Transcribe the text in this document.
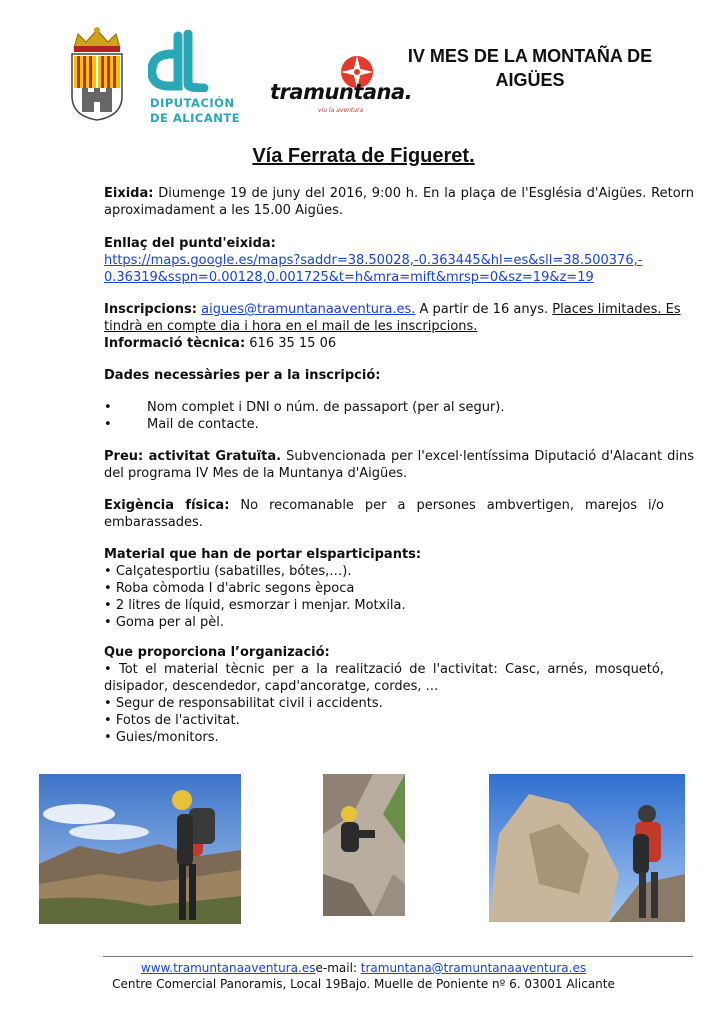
DIPUTACIÓN
DE ALICANTE
tramuntana.
viu la aventura
IV MES DE LA MONTAÑA DE
AIGÜES
Vía Ferrata de Figueret.
Eixida: Diumenge 19 de juny del 2016, 9:00 h. En la plaça de l'Església d'Aigües. Retorn aproximadament a les 15.00 Aigües.
Enllaç del puntd'eixida:
https://maps.google.es/maps?saddr=38.50028,-0.363445&hl=es&sll=38.500376,-
0.36319&sspn=0.00128,0.001725&t=h&mra=mift&mrsp=0&sz=19&z=19
Inscripcions: aigues@tramuntanaaventura.es. A partir de 16 anys. Places limitades. Es tindrà en compte dia i hora en el mail de les inscripcions.
Informació tècnica: 616 35 15 06
Dades necessàries per a la inscripció:
•	Nom complet i DNI o núm. de passaport (per al segur).
•	Mail de contacte.
Preu: activitat Gratuïta. Subvencionada per l'excel·lentíssima Diputació d'Alacant dins del programa IV Mes de la Muntanya d'Aigües.
Exigència física: No recomanable per a persones ambvertigen, marejos i/o embarassades.
Material que han de portar elsparticipants:
• Calçatesportiu (sabatilles, bótes,…).
• Roba còmoda I d'abric segons època
• 2 litres de líquid, esmorzar i menjar. Motxila.
• Goma per al pèl.
Que proporciona l’organizació:
• Tot el material tècnic per a la realització de l'activitat: Casc, arnés, mosquetó, disipador, descendedor, capd'ancoratge, cordes, ...
• Segur de responsabilitat civil i accidents.
• Fotos de l'activitat.
• Guies/monitors.
www.tramuntanaaventura.ese-mail: tramuntana@tramuntanaaventura.es
Centre Comercial Panoramis, Local 19Bajo. Muelle de Poniente nº 6. 03001 Alicante
